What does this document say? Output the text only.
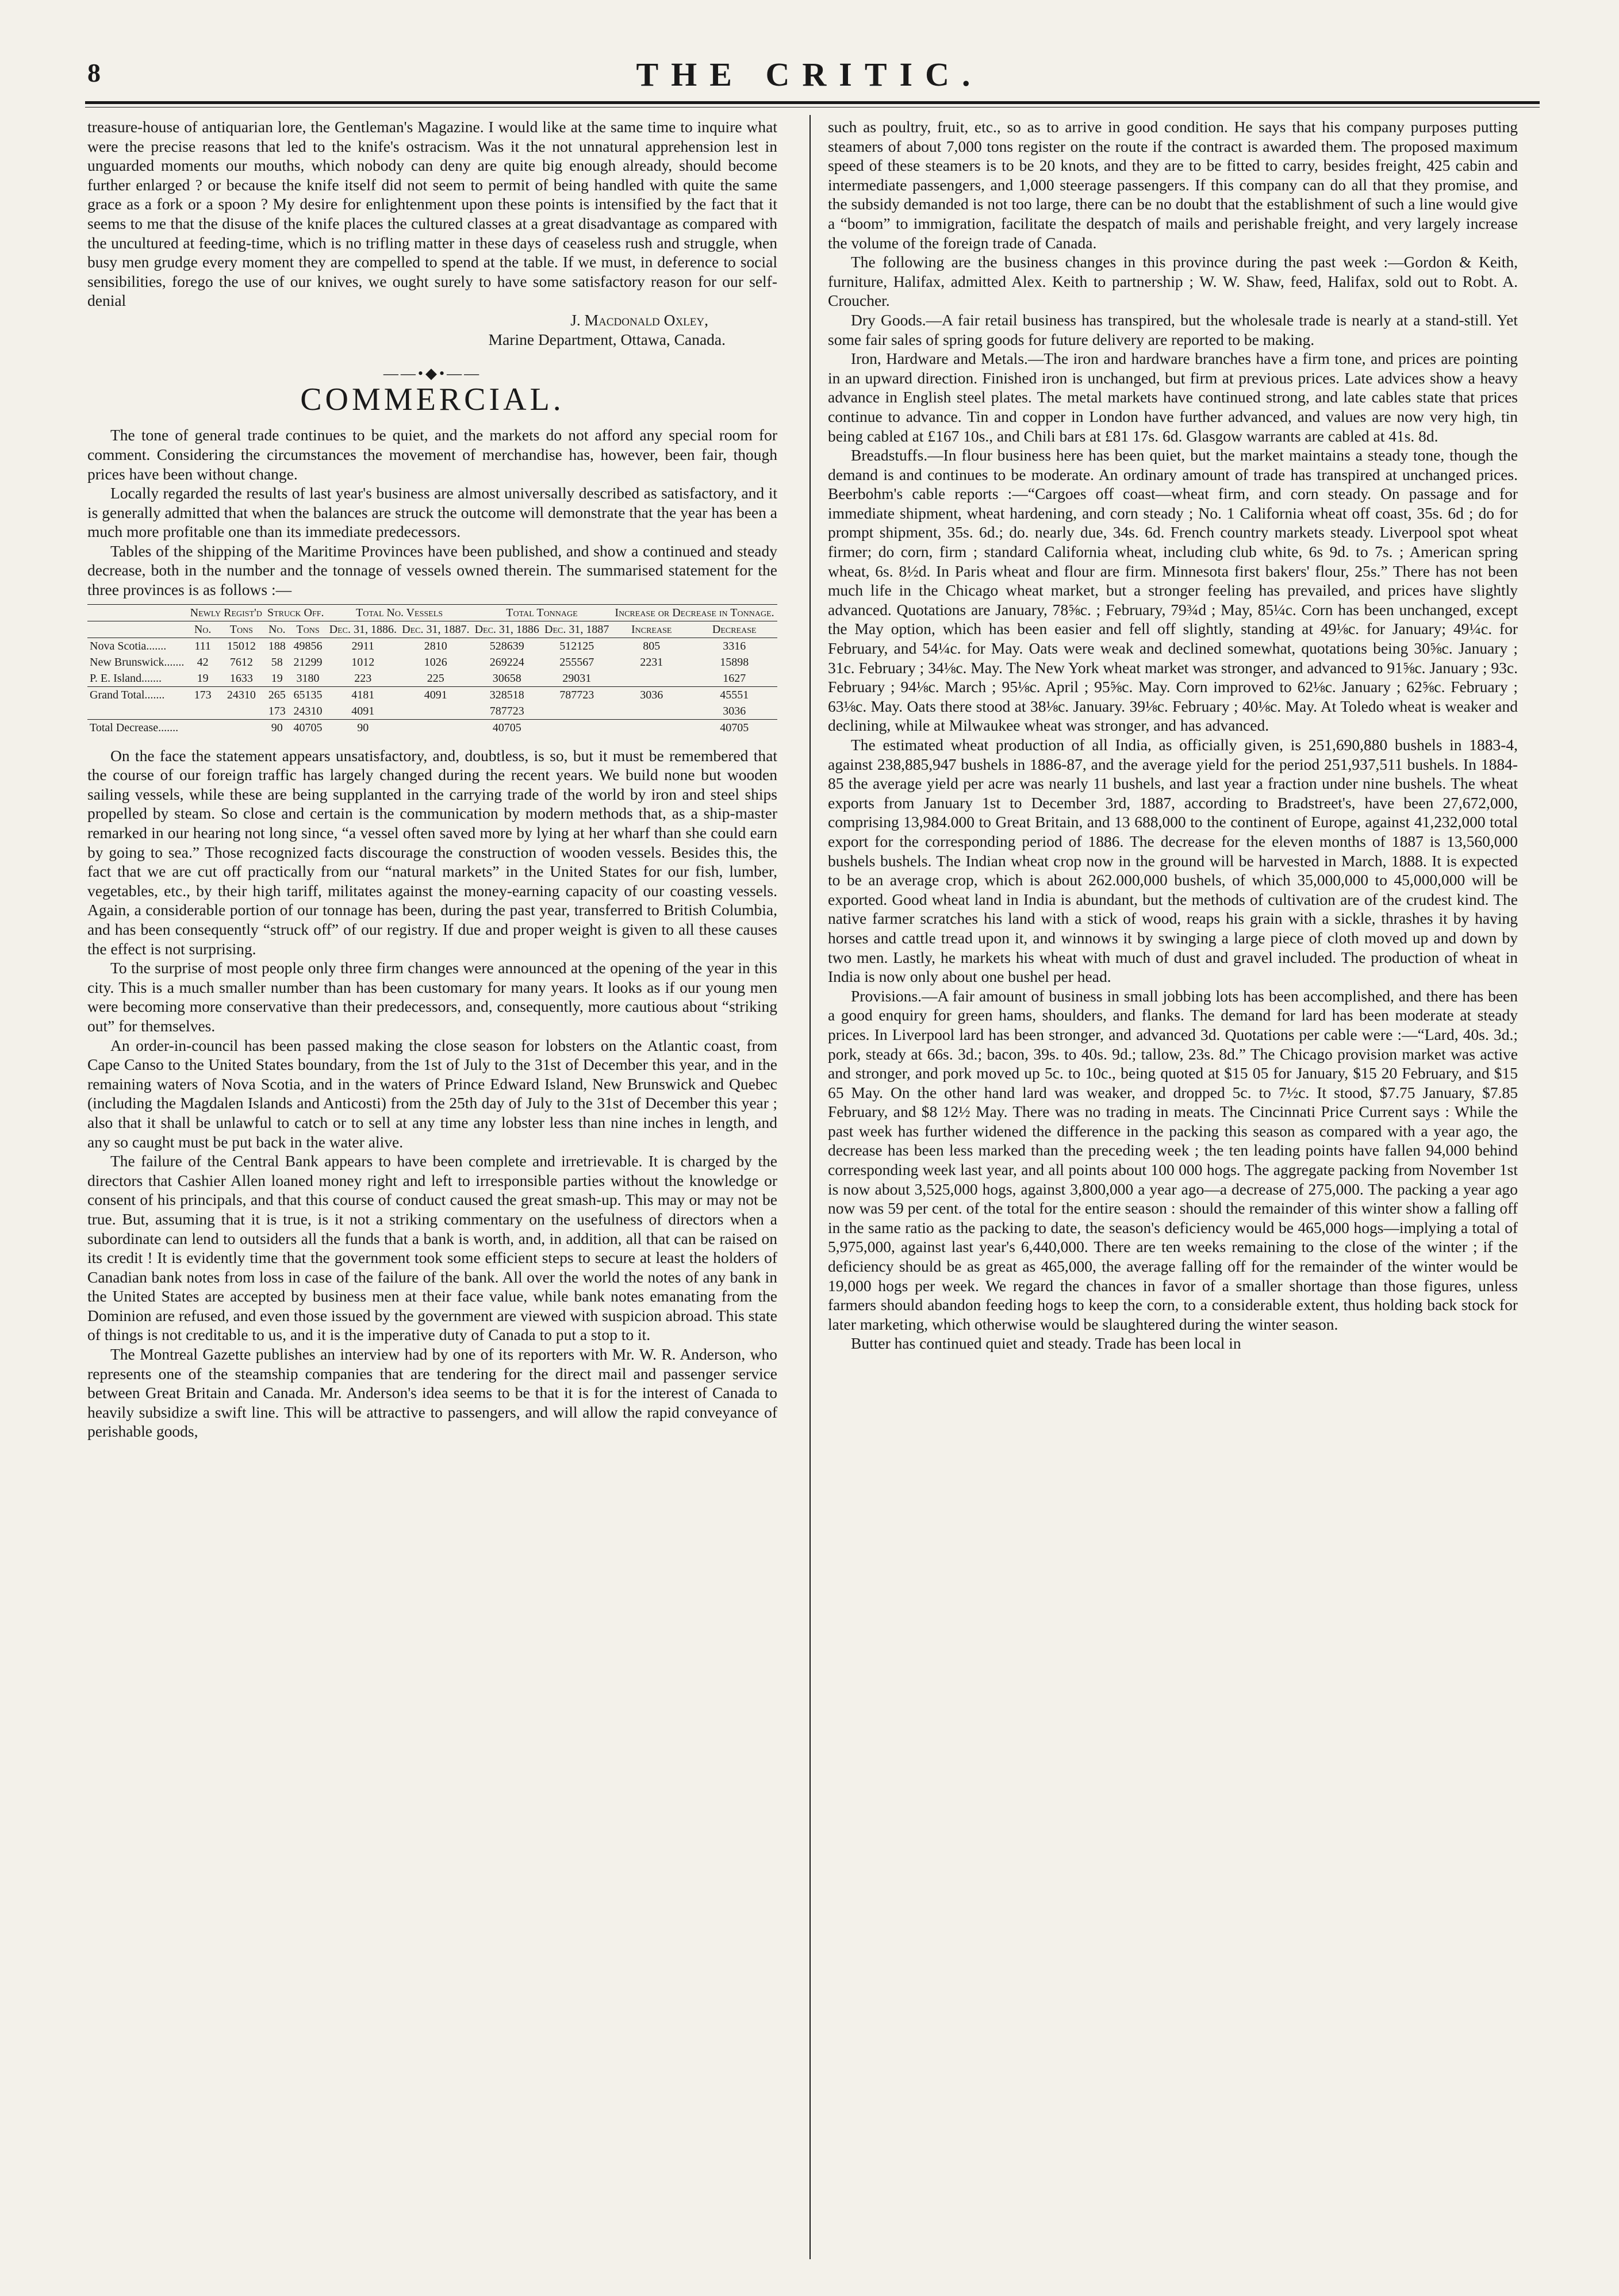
8	THE CRITIC.

treasure-house of antiquarian lore, the Gentleman's Magazine. I would like at the same time to inquire what were the precise reasons that led to the knife's ostracism. Was it the not unnatural apprehension lest in unguarded moments our mouths, which nobody can deny are quite big enough already, should become further enlarged ? or because the knife itself did not seem to permit of being handled with quite the same grace as a fork or a spoon ? My desire for enlightenment upon these points is intensified by the fact that it seems to me that the disuse of the knife places the cultured classes at a great disadvantage as compared with the uncultured at feeding-time, which is no trifling matter in these days of ceaseless rush and struggle, when busy men grudge every moment they are compelled to spend at the table. If we must, in deference to social sensibilities, forego the use of our knives, we ought surely to have some satisfactory reason for our self-denial

J. Macdonald Oxley,
Marine Department, Ottawa, Canada.
——•◆•——
COMMERCIAL.

The tone of general trade continues to be quiet, and the markets do not afford any special room for comment. Considering the circumstances the movement of merchandise has, however, been fair, though prices have been without change.

Locally regarded the results of last year's business are almost universally described as satisfactory, and it is generally admitted that when the balances are struck the outcome will demonstrate that the year has been a much more profitable one than its immediate predecessors.

Tables of the shipping of the Maritime Provinces have been published, and show a continued and steady decrease, both in the number and the tonnage of vessels owned therein. The summarised statement for the three provinces is as follows :—

	Newly Regist'd		Struck Off.		Total No. Vessels		Total Tonnage		Increase or Decrease in Tonnage.	
	No.	Tons	No.	Tons	Dec. 31, 1886.	Dec. 31, 1887.	Dec. 31, 1886	Dec. 31, 1887	Increase	Decrease
Nova Scotia.......	111	15012	188	49856	2911	2810	528639	512125	805	3316
New Brunswick.......	42	7612	58	21299	1012	1026	269224	255567	2231	15898
P. E. Island.......	19	1633	19	3180	223	225	30658	29031		1627
Grand Total.......	173	24310	265	65135	4181	4091	328518	787723	3036	45551
			173	24310	4091		787723			3036
Total Decrease.......			90	40705	90		40705			40705

On the face the statement appears unsatisfactory, and, doubtless, is so, but it must be remembered that the course of our foreign traffic has largely changed during the recent years. We build none but wooden sailing vessels, while these are being supplanted in the carrying trade of the world by iron and steel ships propelled by steam. So close and certain is the communication by modern methods that, as a ship-master remarked in our hearing not long since, “a vessel often saved more by lying at her wharf than she could earn by going to sea.” Those recognized facts discourage the construction of wooden vessels. Besides this, the fact that we are cut off practically from our “natural markets” in the United States for our fish, lumber, vegetables, etc., by their high tariff, militates against the money-earning capacity of our coasting vessels. Again, a considerable portion of our tonnage has been, during the past year, transferred to British Columbia, and has been consequently “struck off” of our registry. If due and proper weight is given to all these causes the effect is not surprising.

To the surprise of most people only three firm changes were announced at the opening of the year in this city. This is a much smaller number than has been customary for many years. It looks as if our young men were becoming more conservative than their predecessors, and, consequently, more cautious about “striking out” for themselves.

An order-in-council has been passed making the close season for lobsters on the Atlantic coast, from Cape Canso to the United States boundary, from the 1st of July to the 31st of December this year, and in the remaining waters of Nova Scotia, and in the waters of Prince Edward Island, New Brunswick and Quebec (including the Magdalen Islands and Anticosti) from the 25th day of July to the 31st of December this year ; also that it shall be unlawful to catch or to sell at any time any lobster less than nine inches in length, and any so caught must be put back in the water alive.

The failure of the Central Bank appears to have been complete and irretrievable. It is charged by the directors that Cashier Allen loaned money right and left to irresponsible parties without the knowledge or consent of his principals, and that this course of conduct caused the great smash-up. This may or may not be true. But, assuming that it is true, is it not a striking commentary on the usefulness of directors when a subordinate can lend to outsiders all the funds that a bank is worth, and, in addition, all that can be raised on its credit ! It is evidently time that the government took some efficient steps to secure at least the holders of Canadian bank notes from loss in case of the failure of the bank. All over the world the notes of any bank in the United States are accepted by business men at their face value, while bank notes emanating from the Dominion are refused, and even those issued by the government are viewed with suspicion abroad. This state of things is not creditable to us, and it is the imperative duty of Canada to put a stop to it.

The Montreal Gazette publishes an interview had by one of its reporters with Mr. W. R. Anderson, who represents one of the steamship companies that are tendering for the direct mail and passenger service between Great Britain and Canada. Mr. Anderson's idea seems to be that it is for the interest of Canada to heavily subsidize a swift line. This will be attractive to passengers, and will allow the rapid conveyance of perishable goods,

such as poultry, fruit, etc., so as to arrive in good condition. He says that his company purposes putting steamers of about 7,000 tons register on the route if the contract is awarded them. The proposed maximum speed of these steamers is to be 20 knots, and they are to be fitted to carry, besides freight, 425 cabin and intermediate passengers, and 1,000 steerage passengers. If this company can do all that they promise, and the subsidy demanded is not too large, there can be no doubt that the establishment of such a line would give a “boom” to immigration, facilitate the despatch of mails and perishable freight, and very largely increase the volume of the foreign trade of Canada.

The following are the business changes in this province during the past week :—Gordon & Keith, furniture, Halifax, admitted Alex. Keith to partnership ; W. W. Shaw, feed, Halifax, sold out to Robt. A. Croucher.

Dry Goods.—A fair retail business has transpired, but the wholesale trade is nearly at a stand-still. Yet some fair sales of spring goods for future delivery are reported to be making.

Iron, Hardware and Metals.—The iron and hardware branches have a firm tone, and prices are pointing in an upward direction. Finished iron is unchanged, but firm at previous prices. Late advices show a heavy advance in English steel plates. The metal markets have continued strong, and late cables state that prices continue to advance. Tin and copper in London have further advanced, and values are now very high, tin being cabled at £167 10s., and Chili bars at £81 17s. 6d. Glasgow warrants are cabled at 41s. 8d.

Breadstuffs.—In flour business here has been quiet, but the market maintains a steady tone, though the demand is and continues to be moderate. An ordinary amount of trade has transpired at unchanged prices. Beerbohm's cable reports :—“Cargoes off coast—wheat firm, and corn steady. On passage and for immediate shipment, wheat hardening, and corn steady ; No. 1 California wheat off coast, 35s. 6d ; do for prompt shipment, 35s. 6d.; do. nearly due, 34s. 6d. French country markets steady. Liverpool spot wheat firmer; do corn, firm ; standard California wheat, including club white, 6s 9d. to 7s. ; American spring wheat, 6s. 8½d. In Paris wheat and flour are firm. Minnesota first bakers' flour, 25s.” There has not been much life in the Chicago wheat market, but a stronger feeling has prevailed, and prices have slightly advanced. Quotations are January, 78⅝c. ; February, 79¾d ; May, 85¼c. Corn has been unchanged, except the May option, which has been easier and fell off slightly, standing at 49⅛c. for January; 49¼c. for February, and 54¼c. for May. Oats were weak and declined somewhat, quotations being 30⅝c. January ; 31c. February ; 34⅛c. May. The New York wheat market was stronger, and advanced to 91⅝c. January ; 93c. February ; 94⅛c. March ; 95⅛c. April ; 95⅝c. May. Corn improved to 62⅛c. January ; 62⅝c. February ; 63⅛c. May. Oats there stood at 38⅛c. January. 39⅛c. February ; 40⅛c. May. At Toledo wheat is weaker and declining, while at Milwaukee wheat was stronger, and has advanced.

The estimated wheat production of all India, as officially given, is 251,690,880 bushels in 1883-4, against 238,885,947 bushels in 1886-87, and the average yield for the period 251,937,511 bushels. In 1884-85 the average yield per acre was nearly 11 bushels, and last year a fraction under nine bushels. The wheat exports from January 1st to December 3rd, 1887, according to Bradstreet's, have been 27,672,000, comprising 13,984.000 to Great Britain, and 13 688,000 to the continent of Europe, against 41,232,000 total export for the corresponding period of 1886. The decrease for the eleven months of 1887 is 13,560,000 bushels bushels. The Indian wheat crop now in the ground will be harvested in March, 1888. It is expected to be an average crop, which is about 262.000,000 bushels, of which 35,000,000 to 45,000,000 will be exported. Good wheat land in India is abundant, but the methods of cultivation are of the crudest kind. The native farmer scratches his land with a stick of wood, reaps his grain with a sickle, thrashes it by having horses and cattle tread upon it, and winnows it by swinging a large piece of cloth moved up and down by two men. Lastly, he markets his wheat with much of dust and gravel included. The production of wheat in India is now only about one bushel per head.

Provisions.—A fair amount of business in small jobbing lots has been accomplished, and there has been a good enquiry for green hams, shoulders, and flanks. The demand for lard has been moderate at steady prices. In Liverpool lard has been stronger, and advanced 3d. Quotations per cable were :—“Lard, 40s. 3d.; pork, steady at 66s. 3d.; bacon, 39s. to 40s. 9d.; tallow, 23s. 8d.” The Chicago provision market was active and stronger, and pork moved up 5c. to 10c., being quoted at $15 05 for January, $15 20 February, and $15 65 May. On the other hand lard was weaker, and dropped 5c. to 7½c. It stood, $7.75 January, $7.85 February, and $8 12½ May. There was no trading in meats. The Cincinnati Price Current says : While the past week has further widened the difference in the packing this season as compared with a year ago, the decrease has been less marked than the preceding week ; the ten leading points have fallen 94,000 behind corresponding week last year, and all points about 100 000 hogs. The aggregate packing from November 1st is now about 3,525,000 hogs, against 3,800,000 a year ago—a decrease of 275,000. The packing a year ago now was 59 per cent. of the total for the entire season : should the remainder of this winter show a falling off in the same ratio as the packing to date, the season's deficiency would be 465,000 hogs—implying a total of 5,975,000, against last year's 6,440,000. There are ten weeks remaining to the close of the winter ; if the deficiency should be as great as 465,000, the average falling off for the remainder of the winter would be 19,000 hogs per week. We regard the chances in favor of a smaller shortage than those figures, unless farmers should abandon feeding hogs to keep the corn, to a considerable extent, thus holding back stock for later marketing, which otherwise would be slaughtered during the winter season.

Butter has continued quiet and steady. Trade has been local in
